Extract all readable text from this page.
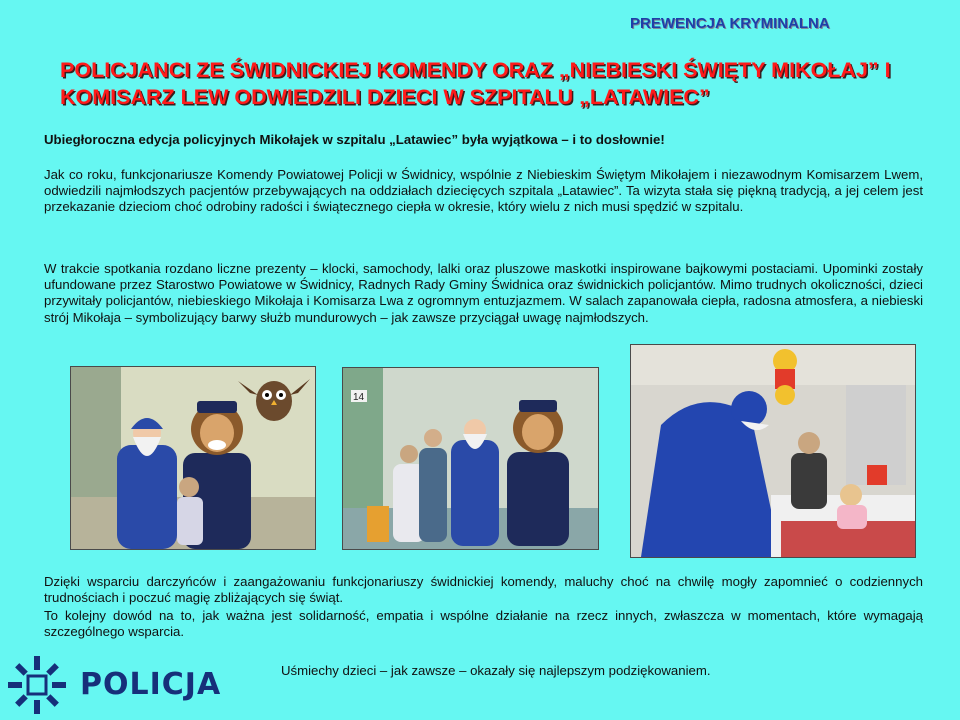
PREWENCJA KRYMINALNA
POLICJANCI ZE ŚWIDNICKIEJ KOMENDY ORAZ „NIEBIESKI ŚWIĘTY MIKOŁAJ” I KOMISARZ LEW ODWIEDZILI DZIECI W SZPITALU „LATAWIEC”

Ubiegłoroczna edycja policyjnych Mikołajek w szpitalu „Latawiec” była wyjątkowa – i to dosłownie!

Jak co roku, funkcjonariusze Komendy Powiatowej Policji w Świdnicy, wspólnie z Niebieskim Świętym Mikołajem i niezawodnym Komisarzem Lwem, odwiedzili najmłodszych pacjentów przebywających na oddziałach dziecięcych szpitala „Latawiec”. Ta wizyta stała się piękną tradycją, a jej celem jest przekazanie dzieciom choć odrobiny radości i świątecznego ciepła w okresie, który wielu z nich musi spędzić w szpitalu.

W trakcie spotkania rozdano liczne prezenty – klocki, samochody, lalki oraz pluszowe maskotki inspirowane bajkowymi postaciami. Upominki zostały ufundowane przez Starostwo Powiatowe w Świdnicy, Radnych Rady Gminy Świdnica oraz świdnickich policjantów. Mimo trudnych okoliczności, dzieci przywitały policjantów, niebieskiego Mikołaja i Komisarza Lwa z ogromnym entuzjazmem. W salach zapanowała ciepła, radosna atmosfera, a niebieski strój Mikołaja – symbolizujący barwy służb mundurowych – jak zawsze przyciągał uwagę najmłodszych.

14

Dzięki wsparciu darczyńców i zaangażowaniu funkcjonariuszy świdnickiej komendy, maluchy choć na chwilę mogły zapomnieć o codziennych trudnościach i poczuć magię zbliżających się świąt.

To kolejny dowód na to, jak ważna jest solidarność, empatia i wspólne działanie na rzecz innych, zwłaszcza w momentach, które wymagają szczególnego wsparcia.

Uśmiechy dzieci – jak zawsze – okazały się najlepszym podziękowaniem.
POLICJA
